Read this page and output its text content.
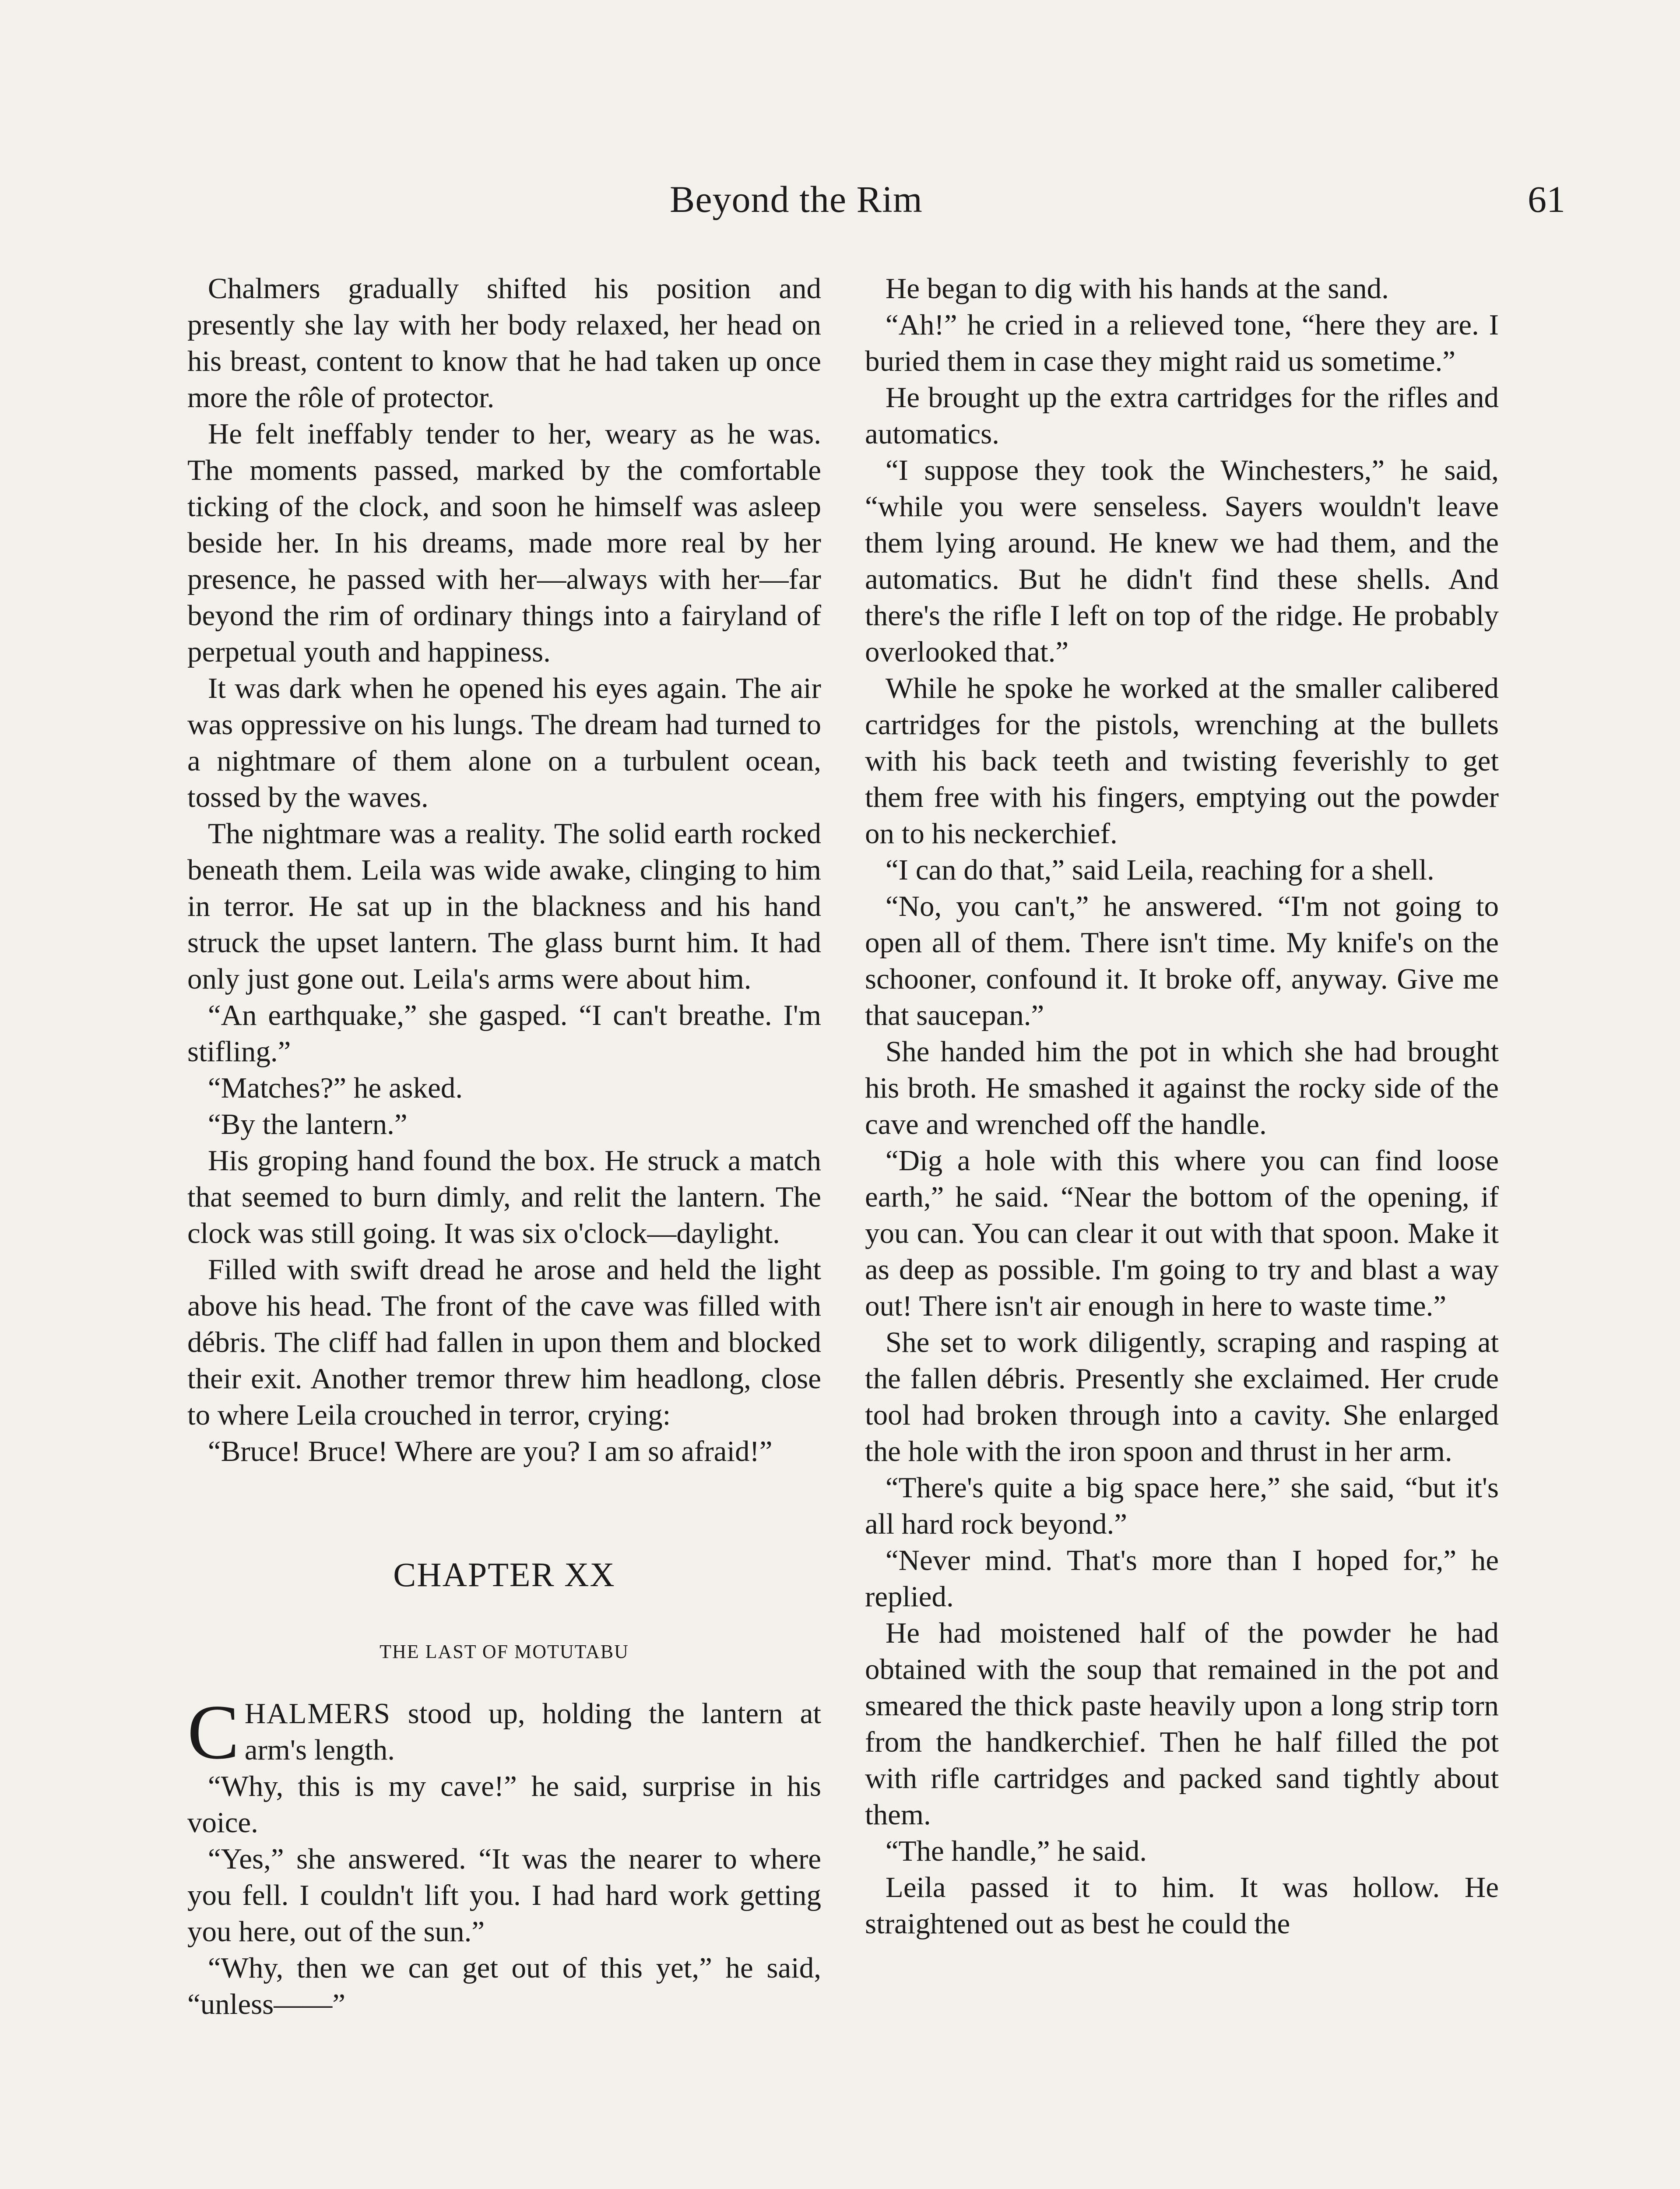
Beyond the Rim	61

Chalmers gradually shifted his position and presently she lay with her body relaxed, her head on his breast, content to know that he had taken up once more the rôle of protector.

He felt ineffably tender to her, weary as he was. The moments passed, marked by the comfortable ticking of the clock, and soon he himself was asleep beside her. In his dreams, made more real by her presence, he passed with her—always with her—far beyond the rim of ordinary things into a fairyland of perpetual youth and happiness.

It was dark when he opened his eyes again. The air was oppressive on his lungs. The dream had turned to a nightmare of them alone on a turbulent ocean, tossed by the waves.

The nightmare was a reality. The solid earth rocked beneath them. Leila was wide awake, clinging to him in terror. He sat up in the blackness and his hand struck the upset lantern. The glass burnt him. It had only just gone out. Leila's arms were about him.

“An earthquake,” she gasped. “I can't breathe. I'm stifling.”

“Matches?” he asked.

“By the lantern.”

His groping hand found the box. He struck a match that seemed to burn dimly, and relit the lantern. The clock was still going. It was six o'clock—daylight.

Filled with swift dread he arose and held the light above his head. The front of the cave was filled with débris. The cliff had fallen in upon them and blocked their exit. Another tremor threw him headlong, close to where Leila crouched in terror, crying:

“Bruce! Bruce! Where are you? I am so afraid!”

CHAPTER XX
THE LAST OF MOTUTABU

CHALMERS stood up, holding the lantern at arm's length.

“Why, this is my cave!” he said, surprise in his voice.

“Yes,” she answered. “It was the nearer to where you fell. I couldn't lift you. I had hard work getting you here, out of the sun.”

“Why, then we can get out of this yet,” he said, “unless——”

He began to dig with his hands at the sand.

“Ah!” he cried in a relieved tone, “here they are. I buried them in case they might raid us sometime.”

He brought up the extra cartridges for the rifles and automatics.

“I suppose they took the Winchesters,” he said, “while you were senseless. Sayers wouldn't leave them lying around. He knew we had them, and the automatics. But he didn't find these shells. And there's the rifle I left on top of the ridge. He probably overlooked that.”

While he spoke he worked at the smaller calibered cartridges for the pistols, wrenching at the bullets with his back teeth and twisting feverishly to get them free with his fingers, emptying out the powder on to his neckerchief.

“I can do that,” said Leila, reaching for a shell.

“No, you can't,” he answered. “I'm not going to open all of them. There isn't time. My knife's on the schooner, confound it. It broke off, anyway. Give me that saucepan.”

She handed him the pot in which she had brought his broth. He smashed it against the rocky side of the cave and wrenched off the handle.

“Dig a hole with this where you can find loose earth,” he said. “Near the bottom of the opening, if you can. You can clear it out with that spoon. Make it as deep as possible. I'm going to try and blast a way out! There isn't air enough in here to waste time.”

She set to work diligently, scraping and rasping at the fallen débris. Presently she exclaimed. Her crude tool had broken through into a cavity. She enlarged the hole with the iron spoon and thrust in her arm.

“There's quite a big space here,” she said, “but it's all hard rock beyond.”

“Never mind. That's more than I hoped for,” he replied.

He had moistened half of the powder he had obtained with the soup that remained in the pot and smeared the thick paste heavily upon a long strip torn from the handkerchief. Then he half filled the pot with rifle cartridges and packed sand tightly about them.

“The handle,” he said.

Leila passed it to him. It was hollow. He straightened out as best he could the
